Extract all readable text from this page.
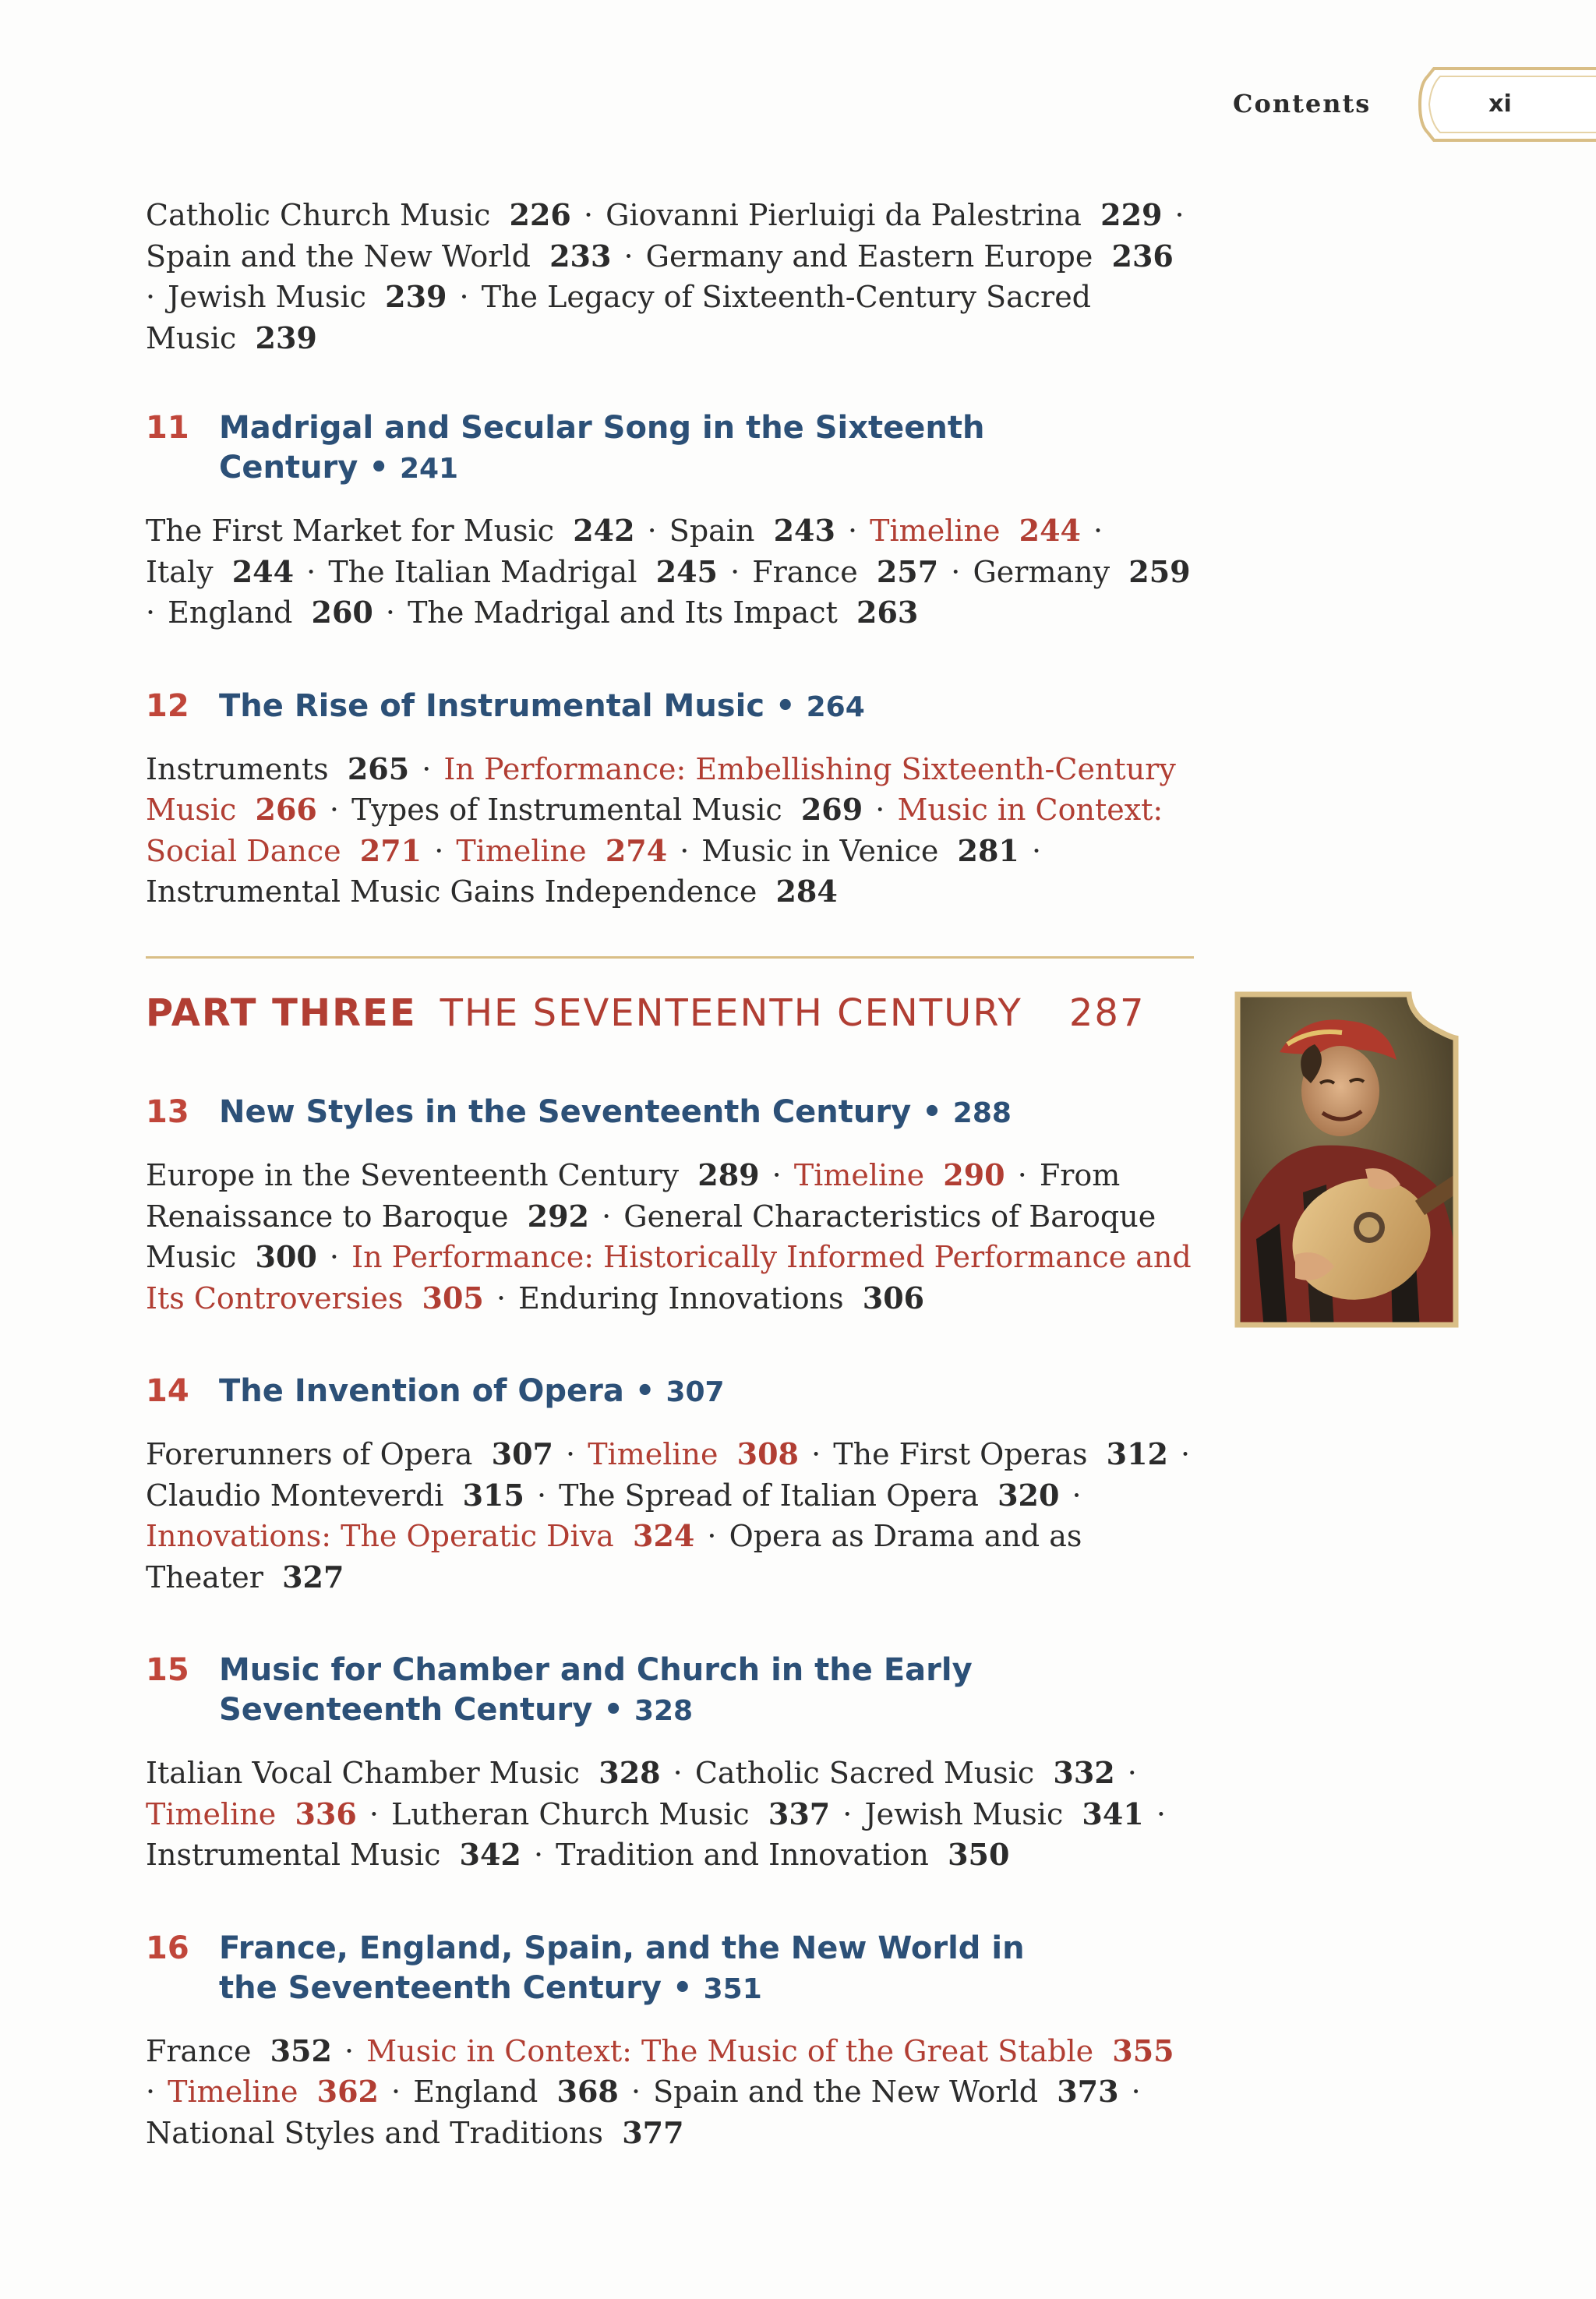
Contents	xi

Catholic Church Music 226 · Giovanni Pierluigi da Palestrina 229 · Spain and the New World 233 · Germany and Eastern Europe 236 · Jewish Music 239 · The Legacy of Sixteenth-Century Sacred Music 239

11 Madrigal and Secular Song in the Sixteenth Century • 241

The First Market for Music 242 · Spain 243 · Timeline 244 · Italy 244 · The Italian Madrigal 245 · France 257 · Germany 259 · England 260 · The Madrigal and Its Impact 263

12 The Rise of Instrumental Music • 264

Instruments 265 · In Performance: Embellishing Sixteenth-Century Music 266 · Types of Instrumental Music 269 · Music in Context: Social Dance 271 · Timeline 274 · Music in Venice 281 · Instrumental Music Gains Independence 284

PART THREE THE SEVENTEENTH CENTURY 287
13 New Styles in the Seventeenth Century • 288

Europe in the Seventeenth Century 289 · Timeline 290 · From Renaissance to Baroque 292 · General Characteristics of Baroque Music 300 · In Performance: Historically Informed Performance and Its Controversies 305 · Enduring Innovations 306

14 The Invention of Opera • 307

Forerunners of Opera 307 · Timeline 308 · The First Operas 312 · Claudio Monteverdi 315 · The Spread of Italian Opera 320 · Innovations: The Operatic Diva 324 · Opera as Drama and as Theater 327

15 Music for Chamber and Church in the Early
Seventeenth Century • 328

Italian Vocal Chamber Music 328 · Catholic Sacred Music 332 · Timeline 336 · Lutheran Church Music 337 · Jewish Music 341 · Instrumental Music 342 · Tradition and Innovation 350

16 France, England, Spain, and the New World in
the Seventeenth Century • 351

France 352 · Music in Context: The Music of the Great Stable 355 · Timeline 362 · England 368 · Spain and the New World 373 · National Styles and Traditions 377
